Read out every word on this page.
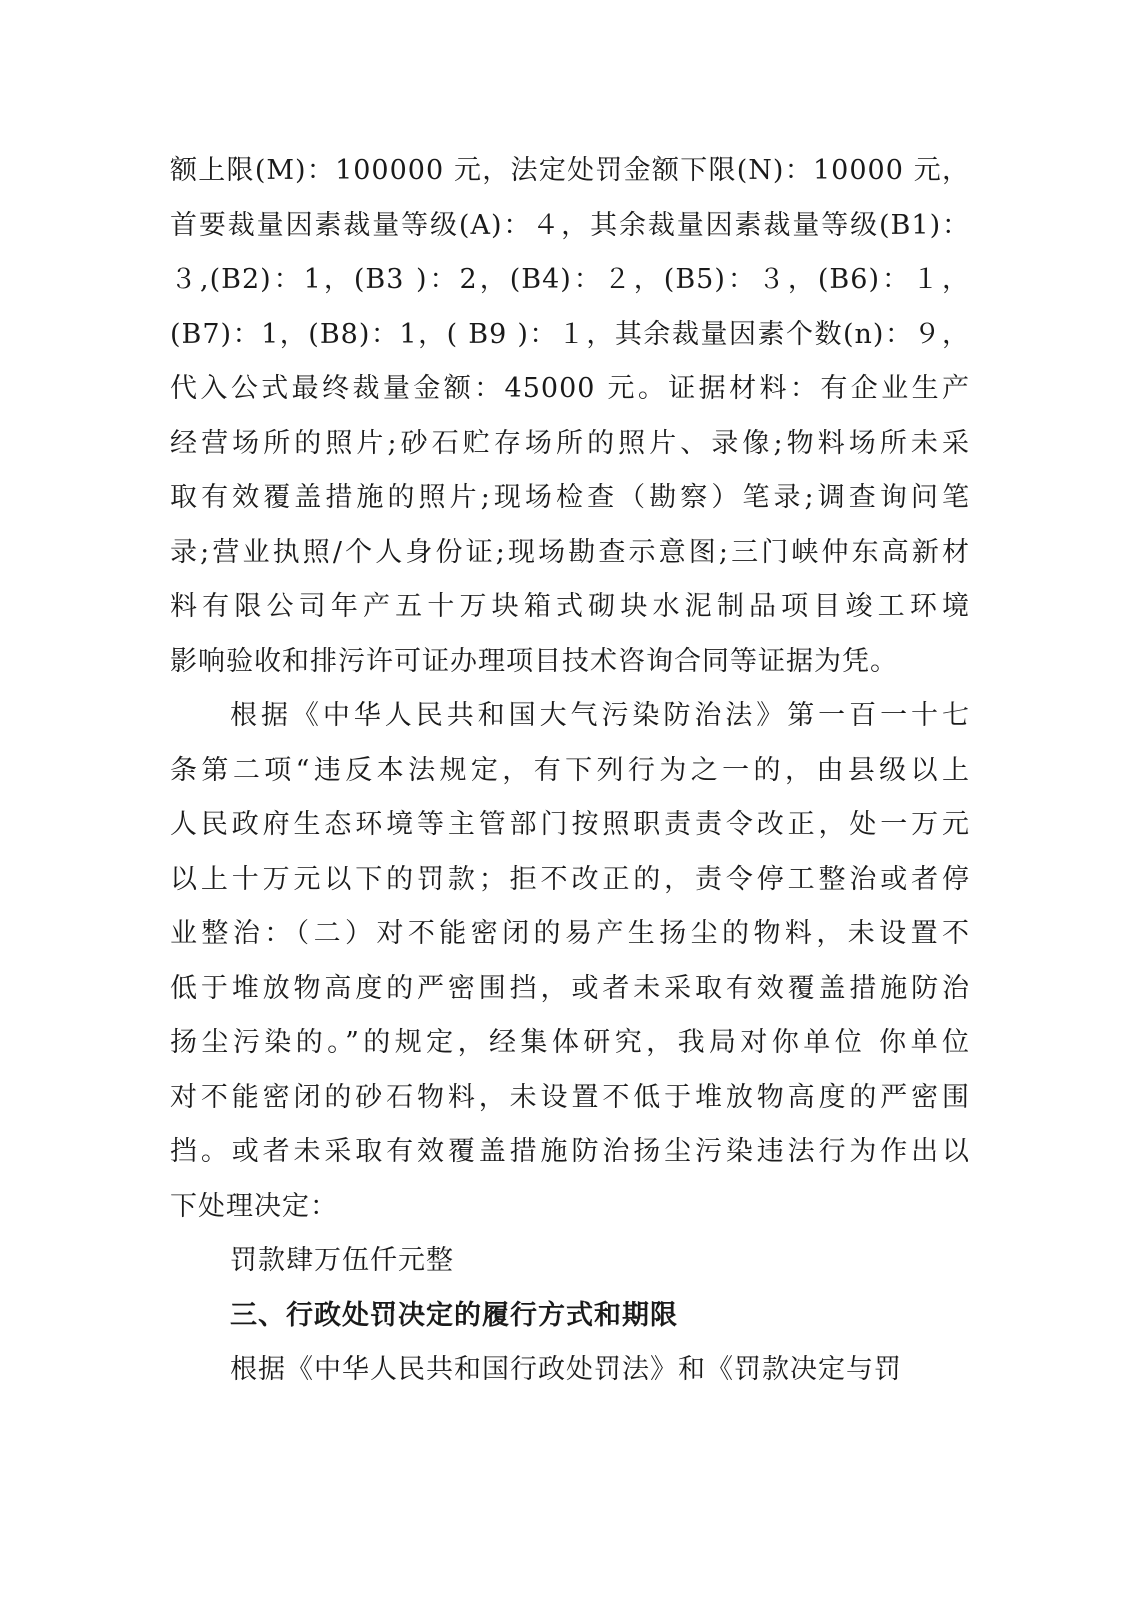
额上限(M)：100000 元，法定处罚金额下限(N)：10000 元，
首要裁量因素裁量等级(A)：４，其余裁量因素裁量等级(B1)：
３,(B2)：1，(B3 )：2，(B4)：２，(B5)：３，(B6)：１，
(B7)：1，(B8)：1，( B9 )：１，其余裁量因素个数(n)：９，
代入公式最终裁量金额：45000 元。证据材料：有企业生产
经营场所的照片;砂石贮存场所的照片、录像;物料场所未采
取有效覆盖措施的照片;现场检查（勘察）笔录;调查询问笔
录;营业执照/个人身份证;现场勘查示意图;三门峡仲东高新材
料有限公司年产五十万块箱式砌块水泥制品项目竣工环境
影响验收和排污许可证办理项目技术咨询合同等证据为凭。
根据《中华人民共和国大气污染防治法》第一百一十七
条第二项“违反本法规定，有下列行为之一的，由县级以上
人民政府生态环境等主管部门按照职责责令改正，处一万元
以上十万元以下的罚款；拒不改正的，责令停工整治或者停
业整治：（二）对不能密闭的易产生扬尘的物料，未设置不
低于堆放物高度的严密围挡，或者未采取有效覆盖措施防治
扬尘污染的。”的规定，经集体研究，我局对你单位 你单位
对不能密闭的砂石物料，未设置不低于堆放物高度的严密围
挡。或者未采取有效覆盖措施防治扬尘污染违法行为作出以
下处理决定：
罚款肆万伍仟元整
三、行政处罚决定的履行方式和期限
根据《中华人民共和国行政处罚法》和《罚款决定与罚
